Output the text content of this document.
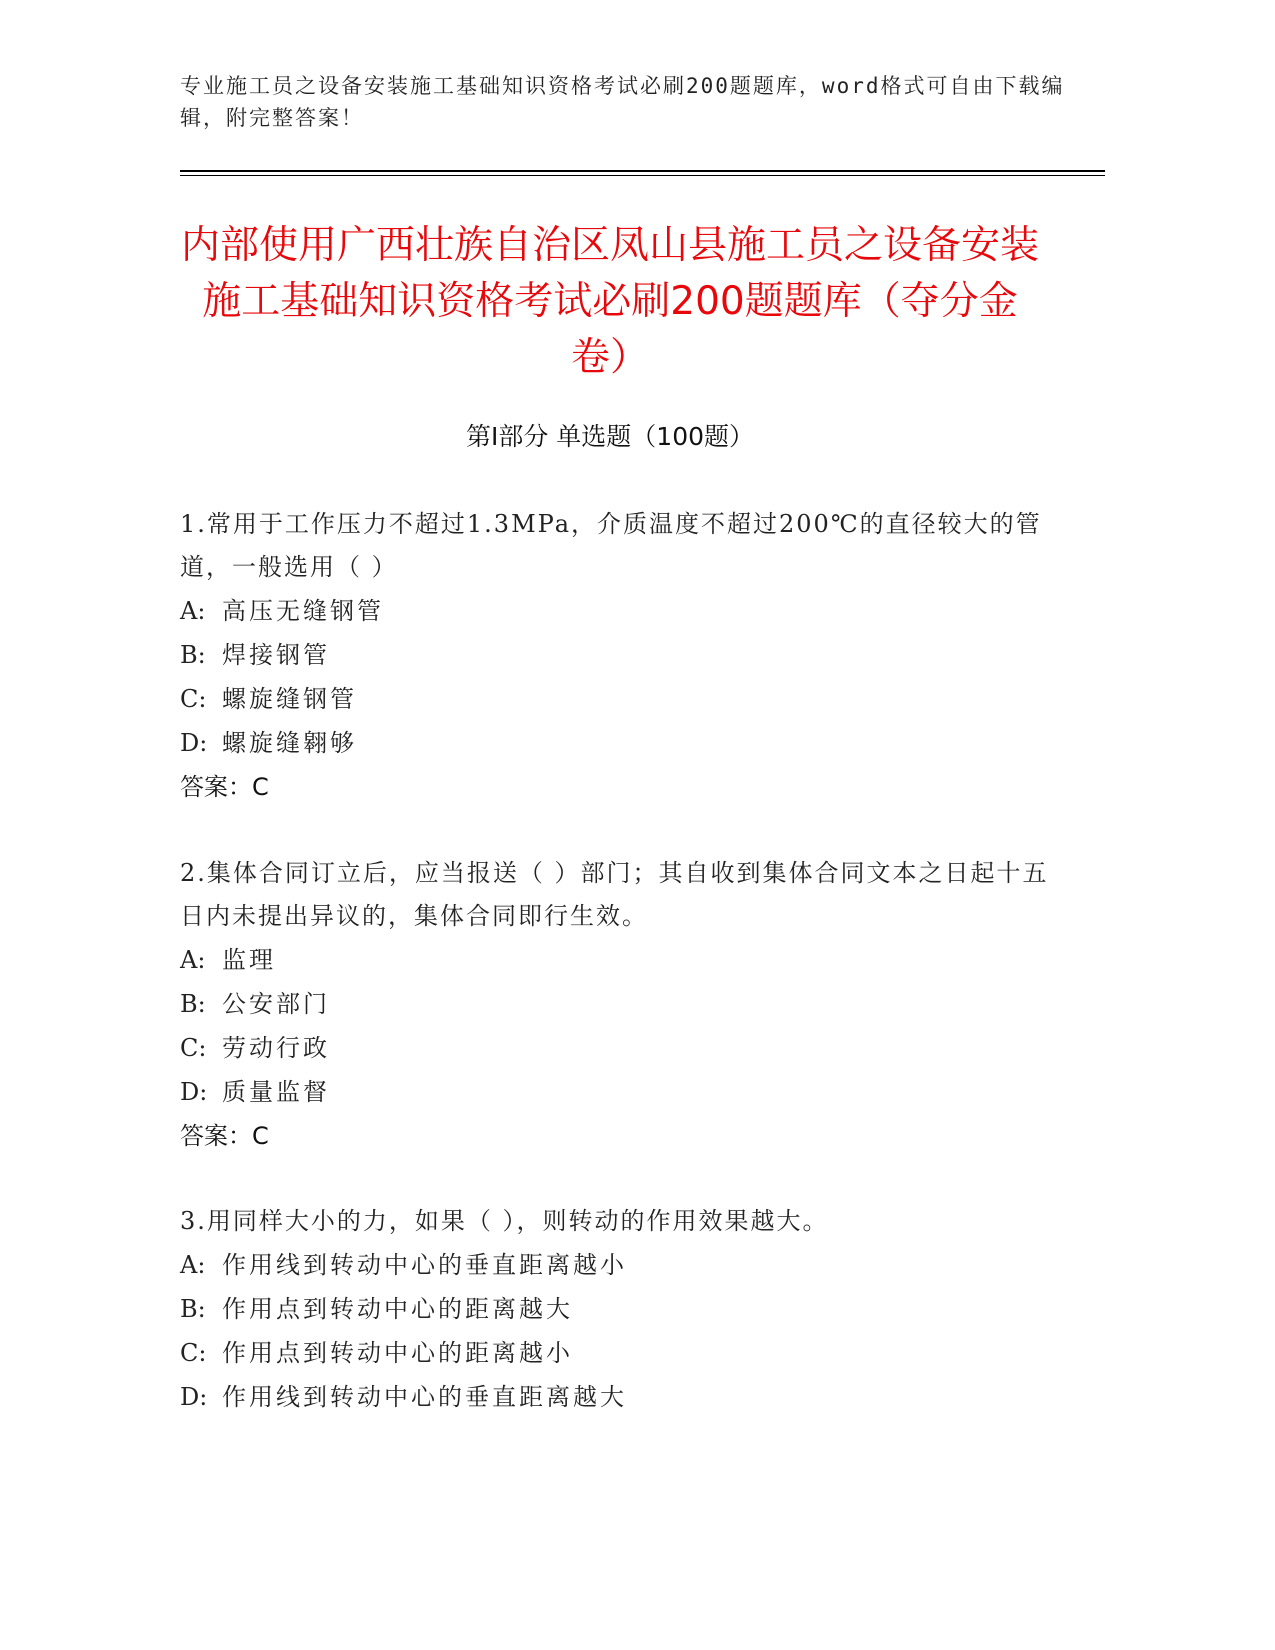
专业施工员之设备安装施工基础知识资格考试必刷200题题库，word格式可自由下载编辑，附完整答案！
内部使用广西壮族自治区凤山县施工员之设备安装施工基础知识资格考试必刷200题题库（夺分金卷）
第Ⅰ部分 单选题（100题）
1.常用于工作压力不超过1.3MPa，介质温度不超过200℃的直径较大的管道，一般选用（ ）
A: 高压无缝钢管
B: 焊接钢管
C: 螺旋缝钢管
D: 螺旋缝翱够
答案：C
2.集体合同订立后，应当报送（ ）部门；其自收到集体合同文本之日起十五日内未提出异议的，集体合同即行生效。
A: 监理
B: 公安部门
C: 劳动行政
D: 质量监督
答案：C
3.用同样大小的力，如果（ ），则转动的作用效果越大。
A: 作用线到转动中心的垂直距离越小
B: 作用点到转动中心的距离越大
C: 作用点到转动中心的距离越小
D: 作用线到转动中心的垂直距离越大
